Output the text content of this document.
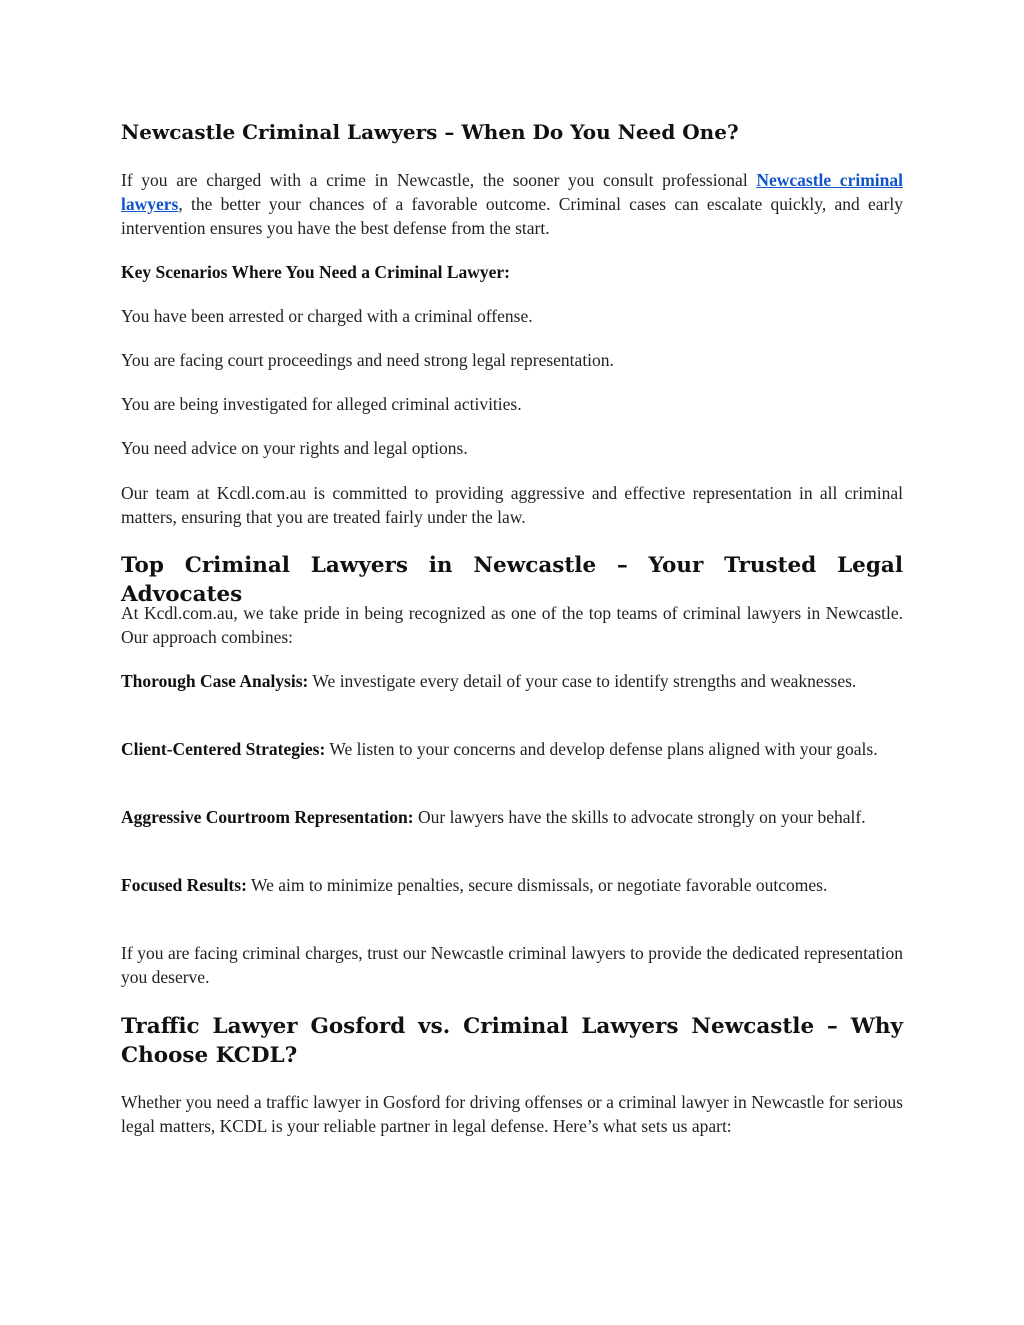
Newcastle Criminal Lawyers – When Do You Need One?

If you are charged with a crime in Newcastle, the sooner you consult professional Newcastle criminal lawyers, the better your chances of a favorable outcome. Criminal cases can escalate quickly, and early intervention ensures you have the best defense from the start.

Key Scenarios Where You Need a Criminal Lawyer:

You have been arrested or charged with a criminal offense.

You are facing court proceedings and need strong legal representation.

You are being investigated for alleged criminal activities.

You need advice on your rights and legal options.

Our team at Kcdl.com.au is committed to providing aggressive and effective representation in all criminal matters, ensuring that you are treated fairly under the law.

Top Criminal Lawyers in Newcastle – Your Trusted Legal Advocates

At Kcdl.com.au, we take pride in being recognized as one of the top teams of criminal lawyers in Newcastle. Our approach combines:

Thorough Case Analysis: We investigate every detail of your case to identify strengths and weaknesses.

Client-Centered Strategies: We listen to your concerns and develop defense plans aligned with your goals.

Aggressive Courtroom Representation: Our lawyers have the skills to advocate strongly on your behalf.

Focused Results: We aim to minimize penalties, secure dismissals, or negotiate favorable outcomes.

If you are facing criminal charges, trust our Newcastle criminal lawyers to provide the dedicated representation you deserve.

Traffic Lawyer Gosford vs. Criminal Lawyers Newcastle – Why Choose KCDL?

Whether you need a traffic lawyer in Gosford for driving offenses or a criminal lawyer in Newcastle for serious legal matters, KCDL is your reliable partner in legal defense. Here’s what sets us apart:
